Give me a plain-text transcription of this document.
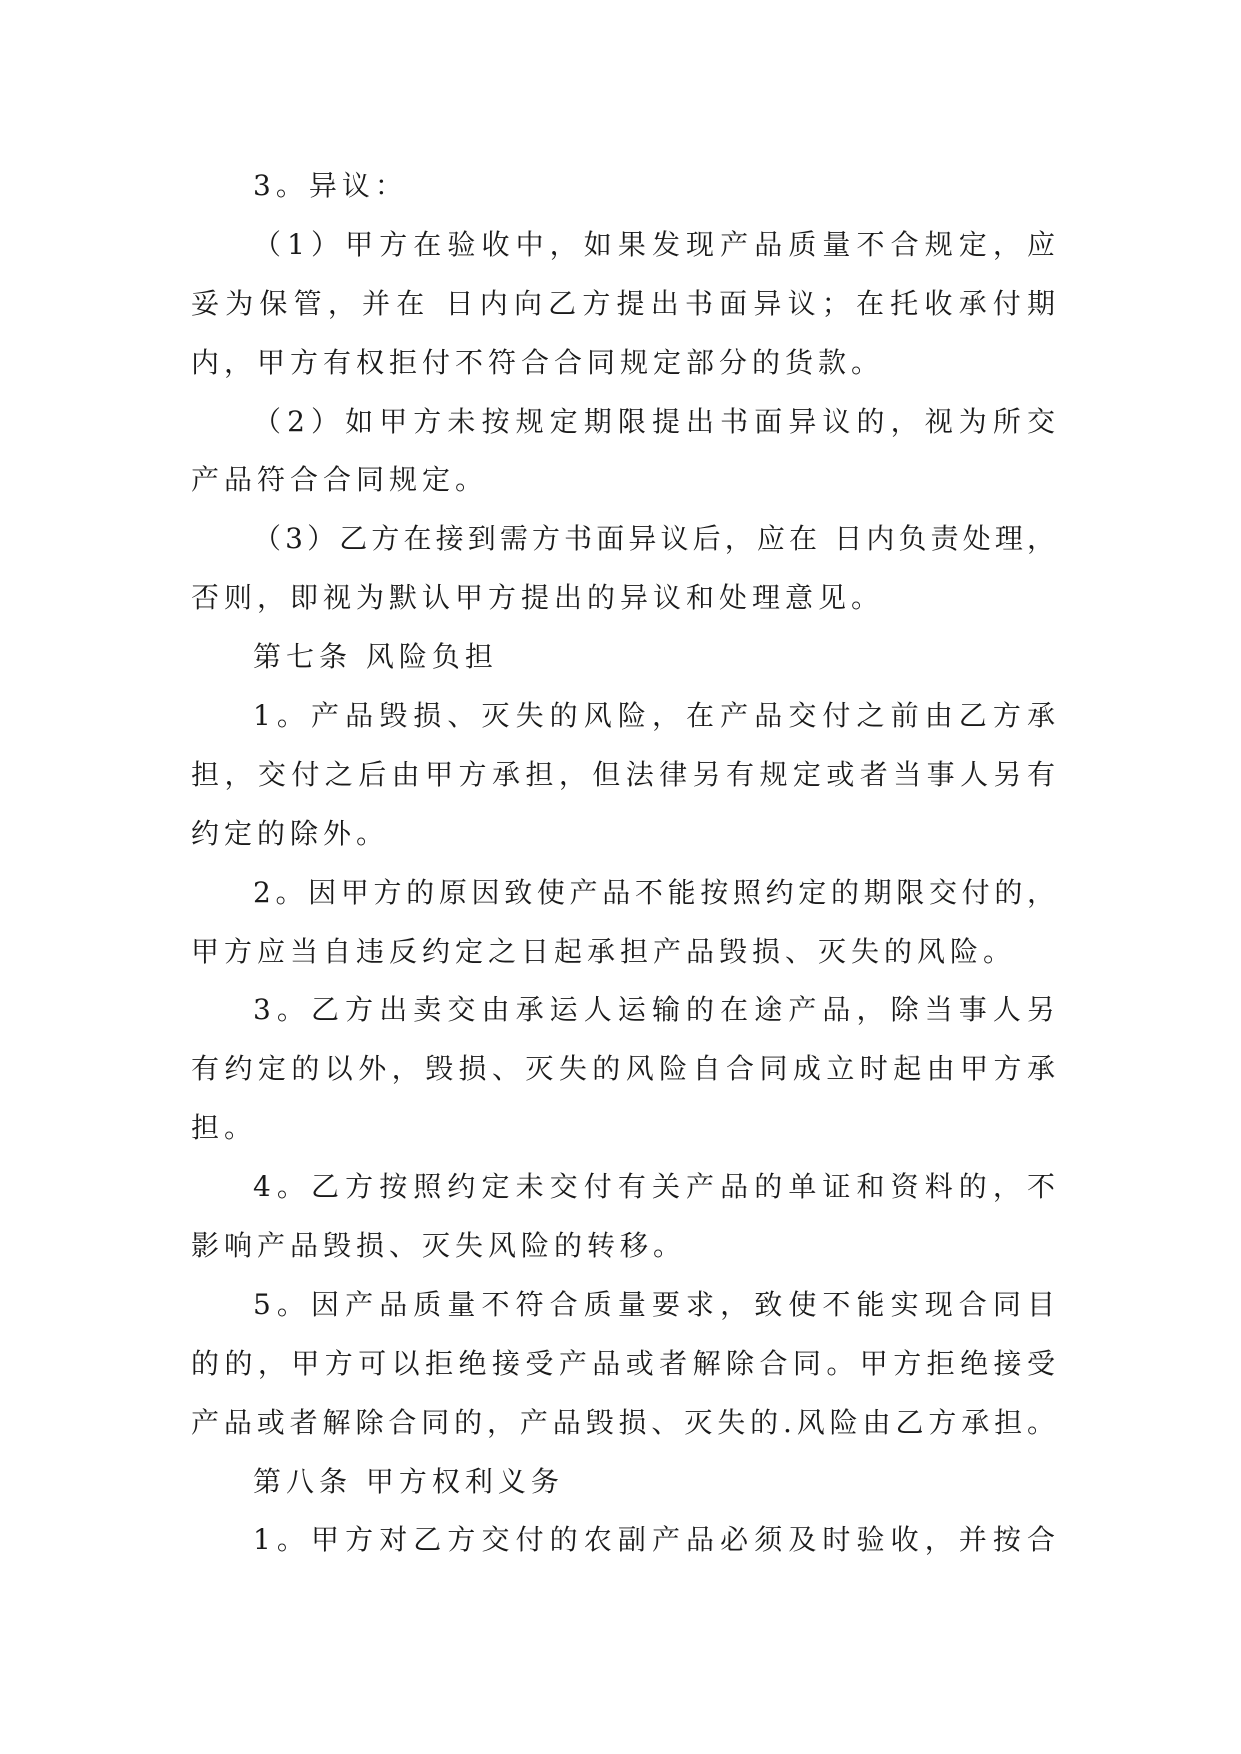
3。异议：
（1）甲方在验收中，如果发现产品质量不合规定，应
妥为保管，并在 日内向乙方提出书面异议；在托收承付期
内，甲方有权拒付不符合合同规定部分的货款。
（2）如甲方未按规定期限提出书面异议的，视为所交
产品符合合同规定。
（3）乙方在接到需方书面异议后，应在 日内负责处理，
否则，即视为默认甲方提出的异议和处理意见。
第七条 风险负担
1。产品毁损、灭失的风险，在产品交付之前由乙方承
担，交付之后由甲方承担，但法律另有规定或者当事人另有
约定的除外。
2。因甲方的原因致使产品不能按照约定的期限交付的，
甲方应当自违反约定之日起承担产品毁损、灭失的风险。
3。乙方出卖交由承运人运输的在途产品，除当事人另
有约定的以外，毁损、灭失的风险自合同成立时起由甲方承
担。
4。乙方按照约定未交付有关产品的单证和资料的，不
影响产品毁损、灭失风险的转移。
5。因产品质量不符合质量要求，致使不能实现合同目
的的，甲方可以拒绝接受产品或者解除合同。甲方拒绝接受
产品或者解除合同的，产品毁损、灭失的.风险由乙方承担。
第八条 甲方权利义务
1。甲方对乙方交付的农副产品必须及时验收，并按合
